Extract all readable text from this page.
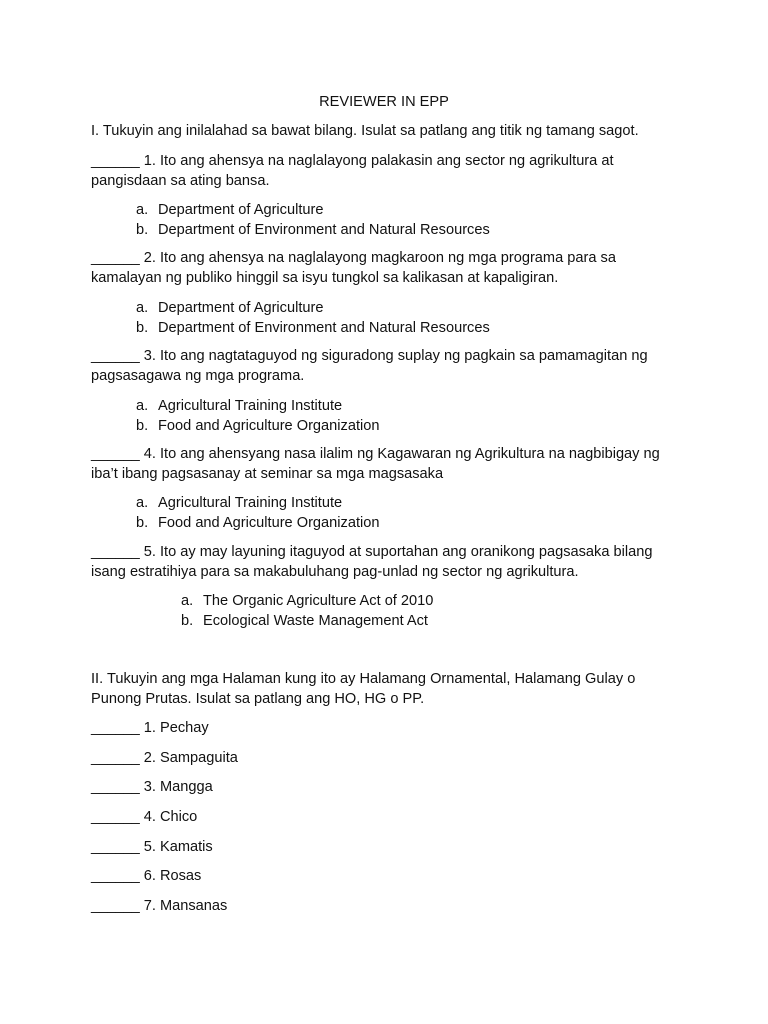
REVIEWER IN EPP

I. Tukuyin ang inilalahad sa bawat bilang. Isulat sa patlang ang titik ng tamang sagot.

______ 1. Ito ang ahensya na naglalayong palakasin ang sector ng agrikultura at pangisdaan sa ating bansa.

a. Department of Agriculture
b. Department of Environment and Natural Resources

______ 2. Ito ang ahensya na naglalayong magkaroon ng mga programa para sa kamalayan ng publiko hinggil sa isyu tungkol sa kalikasan at kapaligiran.

a. Department of Agriculture
b. Department of Environment and Natural Resources

______ 3. Ito ang nagtataguyod ng siguradong suplay ng pagkain sa pamamagitan ng pagsasagawa ng mga programa.

a. Agricultural Training Institute
b. Food and Agriculture Organization

______ 4. Ito ang ahensyang nasa ilalim ng Kagawaran ng Agrikultura na nagbibigay ng iba’t ibang pagsasanay at seminar sa mga magsasaka

a. Agricultural Training Institute
b. Food and Agriculture Organization

______ 5. Ito ay may layuning itaguyod at suportahan ang oranikong pagsasaka bilang isang estratihiya para sa makabuluhang pag-unlad ng sector ng agrikultura.

a. The Organic Agriculture Act of 2010
b. Ecological Waste Management Act

II. Tukuyin ang mga Halaman kung ito ay Halamang Ornamental, Halamang Gulay o Punong Prutas. Isulat sa patlang ang HO, HG o PP.

______ 1. Pechay
______ 2. Sampaguita
______ 3. Mangga
______ 4. Chico
______ 5. Kamatis
______ 6. Rosas
______ 7. Mansanas
